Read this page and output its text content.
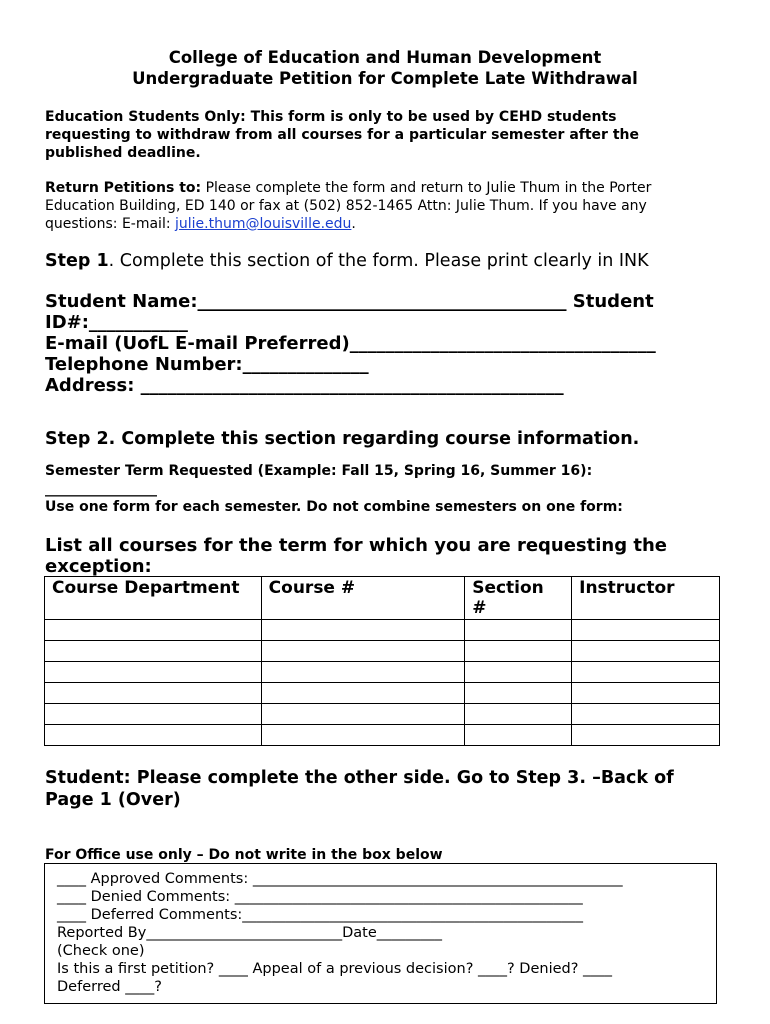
College of Education and Human Development
Undergraduate Petition for Complete Late Withdrawal
Education Students Only: This form is only to be used by CEHD students
requesting to withdraw from all courses for a particular semester after the
published deadline.
Return Petitions to: Please complete the form and return to Julie Thum in the Porter
Education Building, ED 140 or fax at (502) 852-1465 Attn: Julie Thum. If you have any
questions: E-mail: julie.thum@louisville.edu.
Step 1. Complete this section of the form. Please print clearly in INK
Student Name:_________________________________________ Student
ID#:___________
E-mail (UofL E-mail Preferred)__________________________________
Telephone Number:______________
Address: _______________________________________________
Step 2. Complete this section regarding course information.
Semester Term Requested (Example: Fall 15, Spring 16, Summer 16):
________________
Use one form for each semester. Do not combine semesters on one form:
List all courses for the term for which you are requesting the
exception:
Course Department	Course #	Section
#	Instructor

Student: Please complete the other side. Go to Step 3. –Back of
Page 1 (Over)
For Office use only – Do not write in the box below
____ Approved Comments: ___________________________________________________
____ Denied Comments: ________________________________________________
____ Deferred Comments:_______________________________________________
Reported By___________________________Date_________
(Check one)
Is this a first petition? ____ Appeal of a previous decision? ____? Denied? ____
Deferred ____?
